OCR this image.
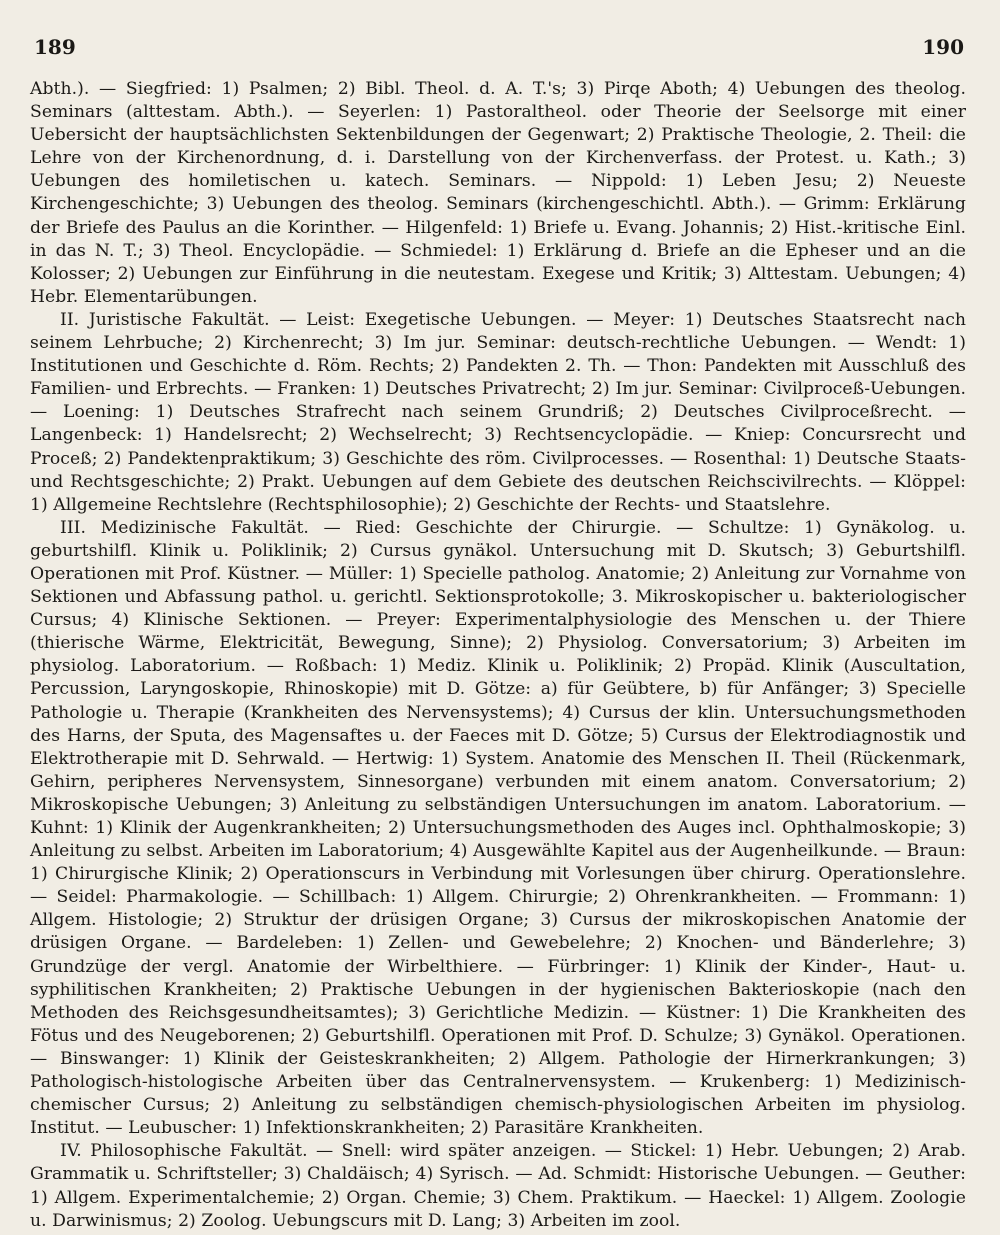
189	190

Abth.). — Siegfried: 1) Psalmen; 2) Bibl. Theol. d. A. T.'s; 3) Pirqe Aboth; 4) Uebungen des theolog. Seminars (alttestam. Abth.). — Seyerlen: 1) Pastoraltheol. oder Theorie der Seelsorge mit einer Uebersicht der hauptsächlichsten Sektenbildungen der Gegenwart; 2) Praktische Theologie, 2. Theil: die Lehre von der Kirchenordnung, d. i. Darstellung von der Kirchenverfass. der Protest. u. Kath.; 3) Uebungen des homiletischen u. katech. Seminars. — Nippold: 1) Leben Jesu; 2) Neueste Kirchengeschichte; 3) Uebungen des theolog. Seminars (kirchengeschichtl. Abth.). — Grimm: Erklärung der Briefe des Paulus an die Korinther. — Hilgenfeld: 1) Briefe u. Evang. Johannis; 2) Hist.-kritische Einl. in das N. T.; 3) Theol. Encyclopädie. — Schmiedel: 1) Erklärung d. Briefe an die Epheser und an die Kolosser; 2) Uebungen zur Einführung in die neutestam. Exegese und Kritik; 3) Alttestam. Uebungen; 4) Hebr. Elementarübungen.

II. Juristische Fakultät. — Leist: Exegetische Uebungen. — Meyer: 1) Deutsches Staatsrecht nach seinem Lehrbuche; 2) Kirchenrecht; 3) Im jur. Seminar: deutsch-rechtliche Uebungen. — Wendt: 1) Institutionen und Geschichte d. Röm. Rechts; 2) Pandekten 2. Th. — Thon: Pandekten mit Ausschluß des Familien- und Erbrechts. — Franken: 1) Deutsches Privatrecht; 2) Im jur. Seminar: Civilproceß-Uebungen. — Loening: 1) Deutsches Strafrecht nach seinem Grundriß; 2) Deutsches Civilproceßrecht. — Langenbeck: 1) Handelsrecht; 2) Wechselrecht; 3) Rechtsencyclopädie. — Kniep: Concursrecht und Proceß; 2) Pandektenpraktikum; 3) Geschichte des röm. Civilprocesses. — Rosenthal: 1) Deutsche Staats- und Rechtsgeschichte; 2) Prakt. Uebungen auf dem Gebiete des deutschen Reichscivilrechts. — Klöppel: 1) Allgemeine Rechtslehre (Rechtsphilosophie); 2) Geschichte der Rechts- und Staatslehre.

III. Medizinische Fakultät. — Ried: Geschichte der Chirurgie. — Schultze: 1) Gynäkolog. u. geburtshilfl. Klinik u. Poliklinik; 2) Cursus gynäkol. Untersuchung mit D. Skutsch; 3) Geburtshilfl. Operationen mit Prof. Küstner. — Müller: 1) Specielle patholog. Anatomie; 2) Anleitung zur Vornahme von Sektionen und Abfassung pathol. u. gerichtl. Sektionsprotokolle; 3. Mikroskopischer u. bakteriologischer Cursus; 4) Klinische Sektionen. — Preyer: Experimentalphysiologie des Menschen u. der Thiere (thierische Wärme, Elektricität, Bewegung, Sinne); 2) Physiolog. Conversatorium; 3) Arbeiten im physiolog. Laboratorium. — Roßbach: 1) Mediz. Klinik u. Poliklinik; 2) Propäd. Klinik (Auscultation, Percussion, Laryngoskopie, Rhinoskopie) mit D. Götze: a) für Geübtere, b) für Anfänger; 3) Specielle Pathologie u. Therapie (Krankheiten des Nervensystems); 4) Cursus der klin. Untersuchungsmethoden des Harns, der Sputa, des Magensaftes u. der Faeces mit D. Götze; 5) Cursus der Elektrodiagnostik und Elektrotherapie mit D. Sehrwald. — Hertwig: 1) System. Anatomie des Menschen II. Theil (Rückenmark, Gehirn, peripheres Nervensystem, Sinnesorgane) verbunden mit einem anatom. Conversatorium; 2) Mikroskopische Uebungen; 3) Anleitung zu selbständigen Untersuchungen im anatom. Laboratorium. — Kuhnt: 1) Klinik der Augenkrankheiten; 2) Untersuchungsmethoden des Auges incl. Ophthalmoskopie; 3) Anleitung zu selbst. Arbeiten im Laboratorium; 4) Ausgewählte Kapitel aus der Augenheilkunde. — Braun: 1) Chirurgische Klinik; 2) Operationscurs in Verbindung mit Vorlesungen über chirurg. Operationslehre. — Seidel: Pharmakologie. — Schillbach: 1) Allgem. Chirurgie; 2) Ohrenkrankheiten. — Frommann: 1) Allgem. Histologie; 2) Struktur der drüsigen Organe; 3) Cursus der mikroskopischen Anatomie der drüsigen Organe. — Bardeleben: 1) Zellen- und Gewebelehre; 2) Knochen- und Bänderlehre; 3) Grundzüge der vergl. Anatomie der Wirbelthiere. — Fürbringer: 1) Klinik der Kinder-, Haut- u. syphilitischen Krankheiten; 2) Praktische Uebungen in der hygienischen Bakterioskopie (nach den Methoden des Reichsgesundheitsamtes); 3) Gerichtliche Medizin. — Küstner: 1) Die Krankheiten des Fötus und des Neugeborenen; 2) Geburtshilfl. Operationen mit Prof. D. Schulze; 3) Gynäkol. Operationen. — Binswanger: 1) Klinik der Geisteskrankheiten; 2) Allgem. Pathologie der Hirnerkrankungen; 3) Pathologisch-histologische Arbeiten über das Centralnervensystem. — Krukenberg: 1) Medizinisch-chemischer Cursus; 2) Anleitung zu selbständigen chemisch-physiologischen Arbeiten im physiolog. Institut. — Leubuscher: 1) Infektionskrankheiten; 2) Parasitäre Krankheiten.

IV. Philosophische Fakultät. — Snell: wird später anzeigen. — Stickel: 1) Hebr. Uebungen; 2) Arab. Grammatik u. Schriftsteller; 3) Chaldäisch; 4) Syrisch. — Ad. Schmidt: Historische Uebungen. — Geuther: 1) Allgem. Experimentalchemie; 2) Organ. Chemie; 3) Chem. Praktikum. — Haeckel: 1) Allgem. Zoologie u. Darwinismus; 2) Zoolog. Uebungscurs mit D. Lang; 3) Arbeiten im zool.
